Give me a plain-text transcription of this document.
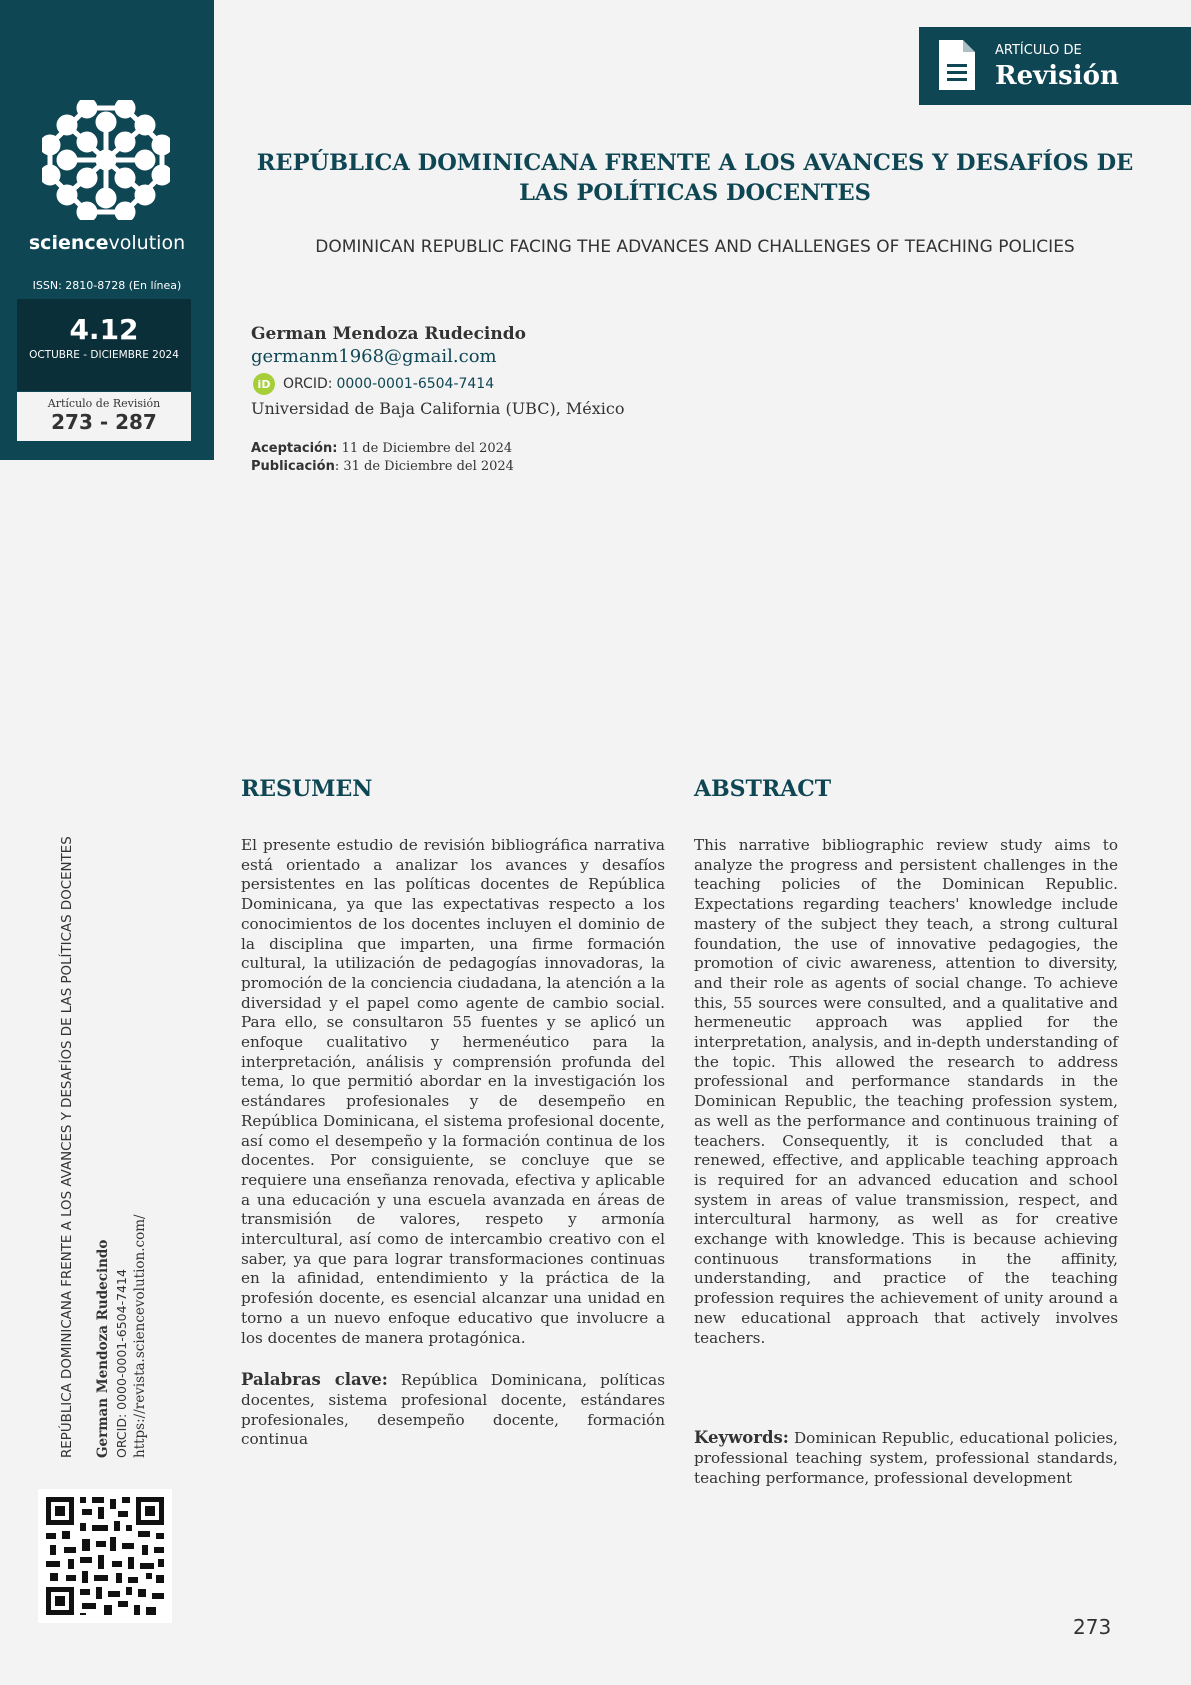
sciencevolution
ISSN: 2810-8728 (En línea)
4.12
OCTUBRE - DICIEMBRE 2024
Artículo de Revisión
273 - 287
ARTÍCULO DE
Revisión
REPÚBLICA DOMINICANA FRENTE A LOS AVANCES Y DESAFÍOS DE LAS POLÍTICAS DOCENTES
DOMINICAN REPUBLIC FACING THE ADVANCES AND CHALLENGES OF TEACHING POLICIES
German Mendoza Rudecindo
germanm1968@gmail.com
iD ORCID: 0000-0001-6504-7414
Universidad de Baja California (UBC), México
Aceptación: 11 de Diciembre del 2024
Publicación: 31 de Diciembre del 2024
REPÚBLICA DOMINICANA FRENTE A LOS AVANCES Y DESAFÍOS DE LAS POLÍTICAS DOCENTES German Mendoza Rudecindo ORCID: 0000-0001-6504-7414 https://revista.sciencevolution.com/
RESUMEN

El presente estudio de revisión bibliográfica narrativa está orientado a analizar los avances y desafíos persistentes en las políticas docentes de República Dominicana, ya que las expectativas respecto a los conocimientos de los docentes incluyen el dominio de la disciplina que imparten, una firme formación cultural, la utilización de pedagogías innovadoras, la promoción de la conciencia ciudadana, la atención a la diversidad y el papel como agente de cambio social. Para ello, se consultaron 55 fuentes y se aplicó un enfoque cualitativo y hermenéutico para la interpretación, análisis y comprensión profunda del tema, lo que permitió abordar en la investigación los estándares profesionales y de desempeño en República Dominicana, el sistema profesional docente, así como el desempeño y la formación continua de los docentes. Por consiguiente, se concluye que se requiere una enseñanza renovada, efectiva y aplicable a una educación y una escuela avanzada en áreas de transmisión de valores, respeto y armonía intercultural, así como de intercambio creativo con el saber, ya que para lograr transformaciones continuas en la afinidad, entendimiento y la práctica de la profesión docente, es esencial alcanzar una unidad en torno a un nuevo enfoque educativo que involucre a los docentes de manera protagónica.

Palabras clave: República Dominicana, políticas docentes, sistema profesional docente, estándares profesionales, desempeño docente, formación continua

ABSTRACT

This narrative bibliographic review study aims to analyze the progress and persistent challenges in the teaching policies of the Dominican Republic. Expectations regarding teachers' knowledge include mastery of the subject they teach, a strong cultural foundation, the use of innovative pedagogies, the promotion of civic awareness, attention to diversity, and their role as agents of social change. To achieve this, 55 sources were consulted, and a qualitative and hermeneutic approach was applied for the interpretation, analysis, and in-depth understanding of the topic. This allowed the research to address professional and performance standards in the Dominican Republic, the teaching profession system, as well as the performance and continuous training of teachers. Consequently, it is concluded that a renewed, effective, and applicable teaching approach is required for an advanced education and school system in areas of value transmission, respect, and intercultural harmony, as well as for creative exchange with knowledge. This is because achieving continuous transformations in the affinity, understanding, and practice of the teaching profession requires the achievement of unity around a new educational approach that actively involves teachers.

Keywords: Dominican Republic, educational policies, professional teaching system, professional standards, teaching performance, professional development

273
